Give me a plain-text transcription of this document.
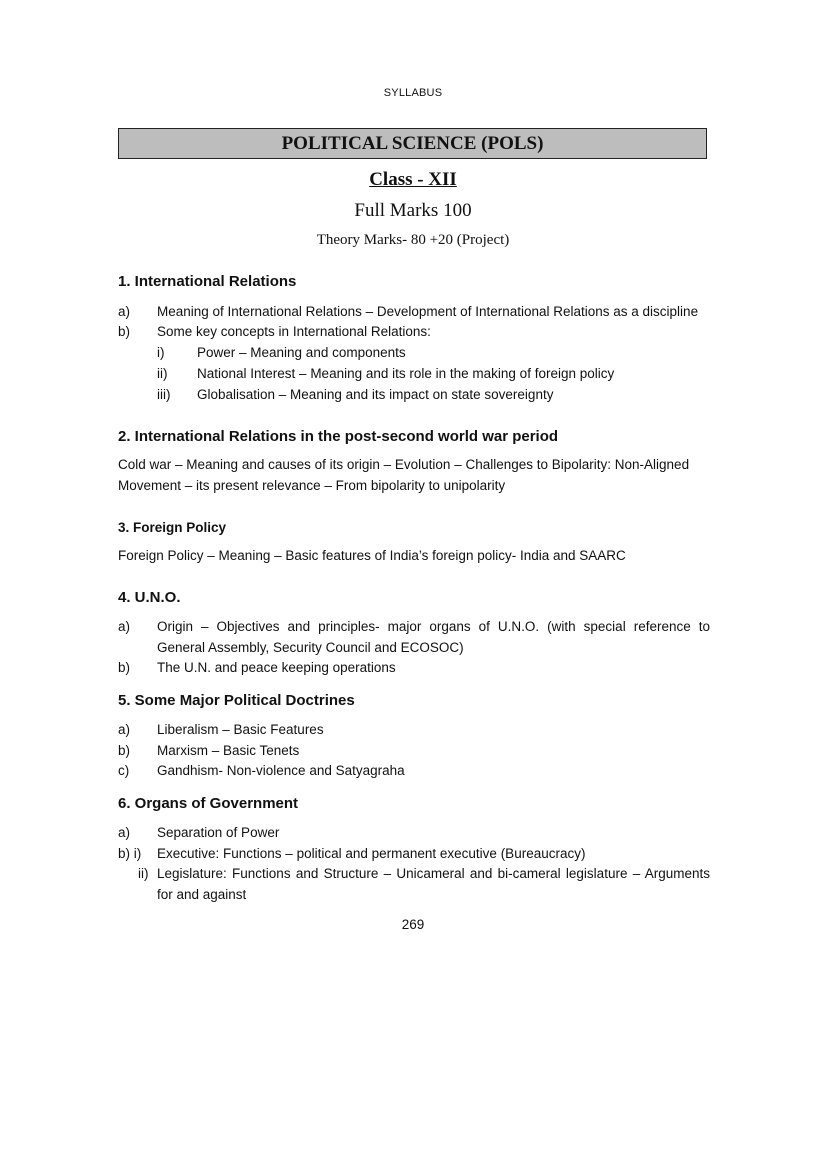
SYLLABUS
POLITICAL SCIENCE (POLS)
Class - XII
Full Marks 100
Theory Marks- 80 +20 (Project)
1. International Relations
a) Meaning of International Relations – Development of International Relations as a discipline
b) Some key concepts in International Relations:
i) Power – Meaning and components
ii) National Interest – Meaning and its role in the making of foreign policy
iii) Globalisation – Meaning and its impact on state sovereignty
2. International Relations in the post-second world war period
Cold war – Meaning and causes of its origin – Evolution – Challenges to Bipolarity: Non-Aligned Movement – its present relevance – From bipolarity to unipolarity
3. Foreign Policy
Foreign Policy – Meaning – Basic features of India’s foreign policy- India and SAARC
4. U.N.O.
a) Origin – Objectives and principles- major organs of U.N.O. (with special reference to General Assembly, Security Council and ECOSOC)
b) The U.N. and peace keeping operations
5. Some Major Political Doctrines
a) Liberalism – Basic Features
b) Marxism – Basic Tenets
c) Gandhism- Non-violence and Satyagraha
6. Organs of Government
a) Separation of Power
b) i) Executive: Functions – political and permanent executive (Bureaucracy)
ii) Legislature: Functions and Structure – Unicameral and bi-cameral legislature – Arguments for and against
269
